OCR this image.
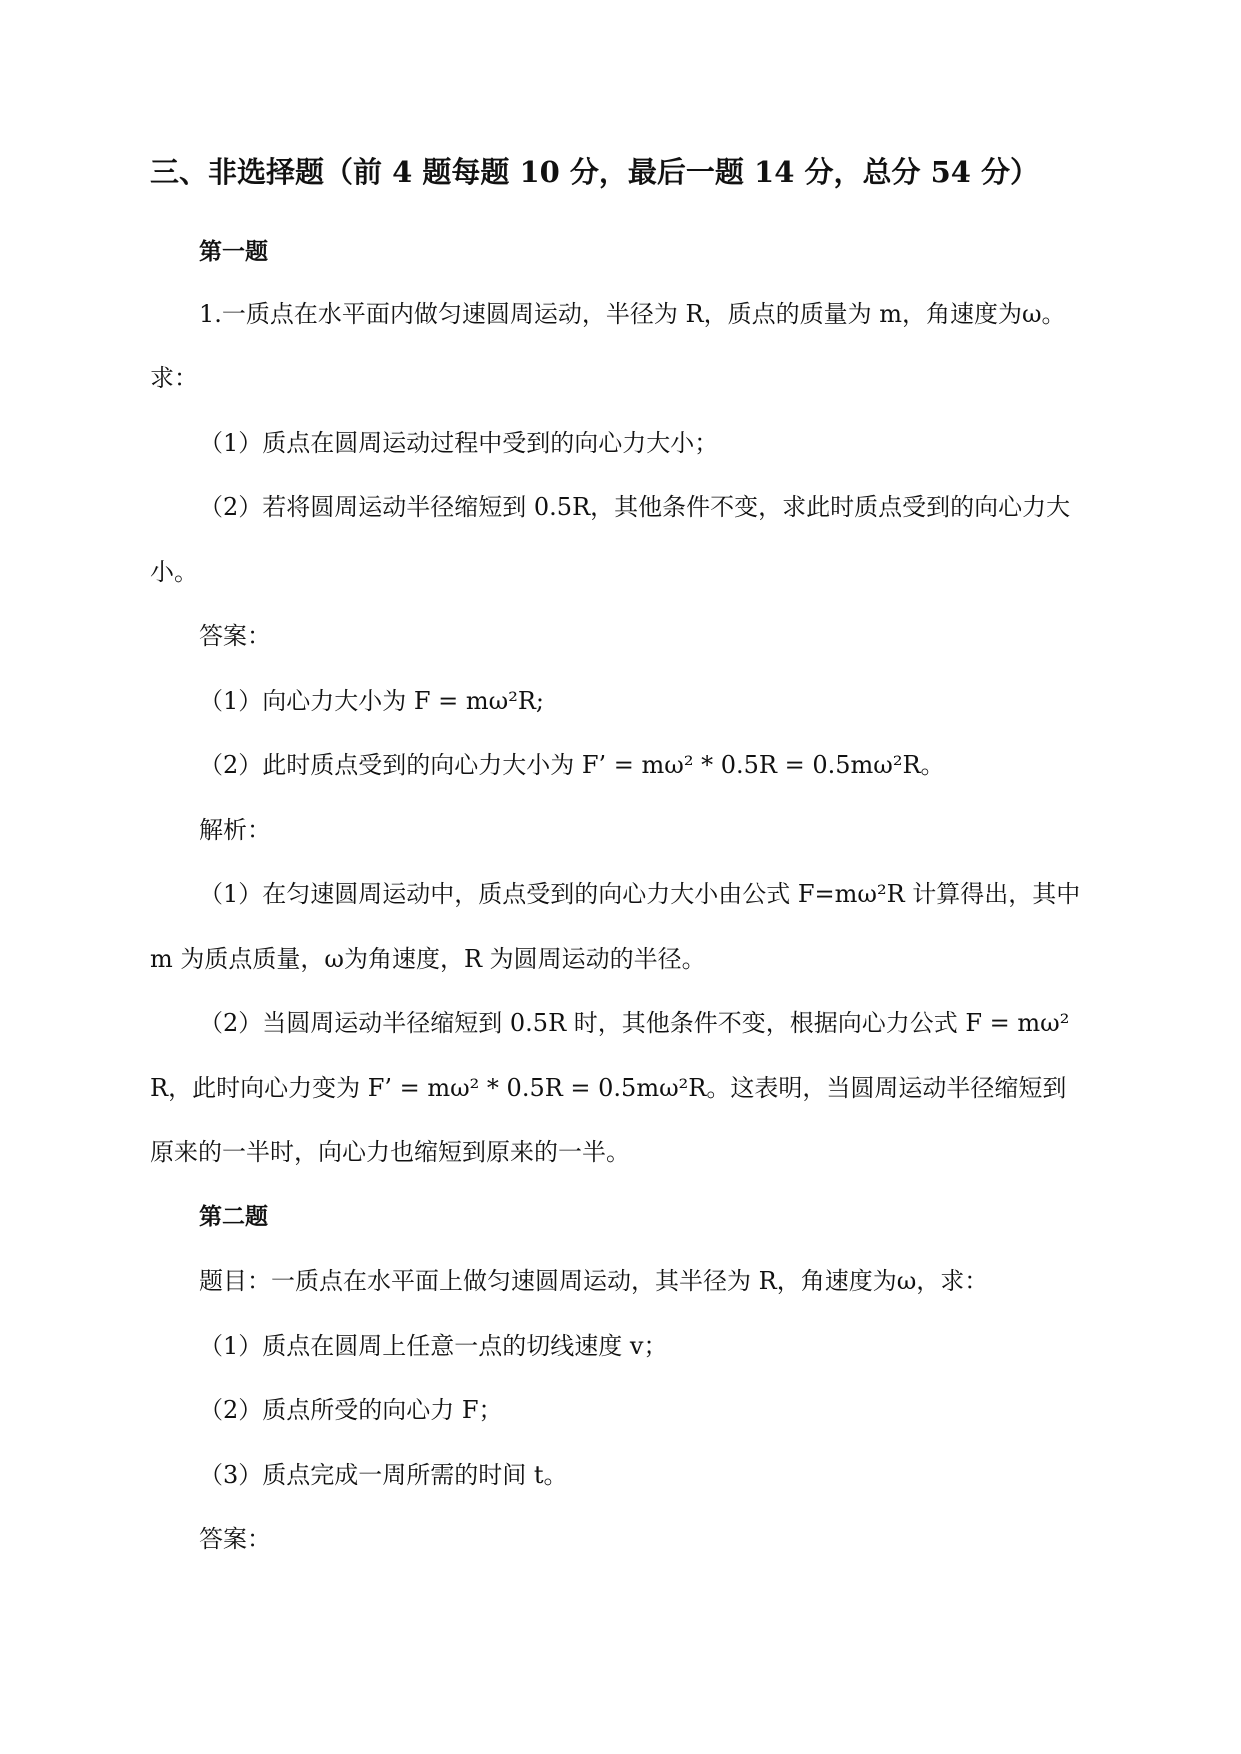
三、非选择题（前 4 题每题 10 分，最后一题 14 分，总分 54 分）
第一题
1.一质点在水平面内做匀速圆周运动，半径为 R，质点的质量为 m，角速度为ω。
求：
（1）质点在圆周运动过程中受到的向心力大小；
（2）若将圆周运动半径缩短到 0.5R，其他条件不变，求此时质点受到的向心力大
小。
答案：
（1）向心力大小为 F = mω²R;
（2）此时质点受到的向心力大小为 F’ = mω² * 0.5R = 0.5mω²R。
解析：
（1）在匀速圆周运动中，质点受到的向心力大小由公式 F=mω²R 计算得出，其中
m 为质点质量，ω为角速度，R 为圆周运动的半径。
（2）当圆周运动半径缩短到 0.5R 时，其他条件不变，根据向心力公式 F = mω²
R，此时向心力变为 F’ = mω² * 0.5R = 0.5mω²R。这表明，当圆周运动半径缩短到
原来的一半时，向心力也缩短到原来的一半。
第二题
题目：一质点在水平面上做匀速圆周运动，其半径为 R，角速度为ω，求：
（1）质点在圆周上任意一点的切线速度 v；
（2）质点所受的向心力 F；
（3）质点完成一周所需的时间 t。
答案：
